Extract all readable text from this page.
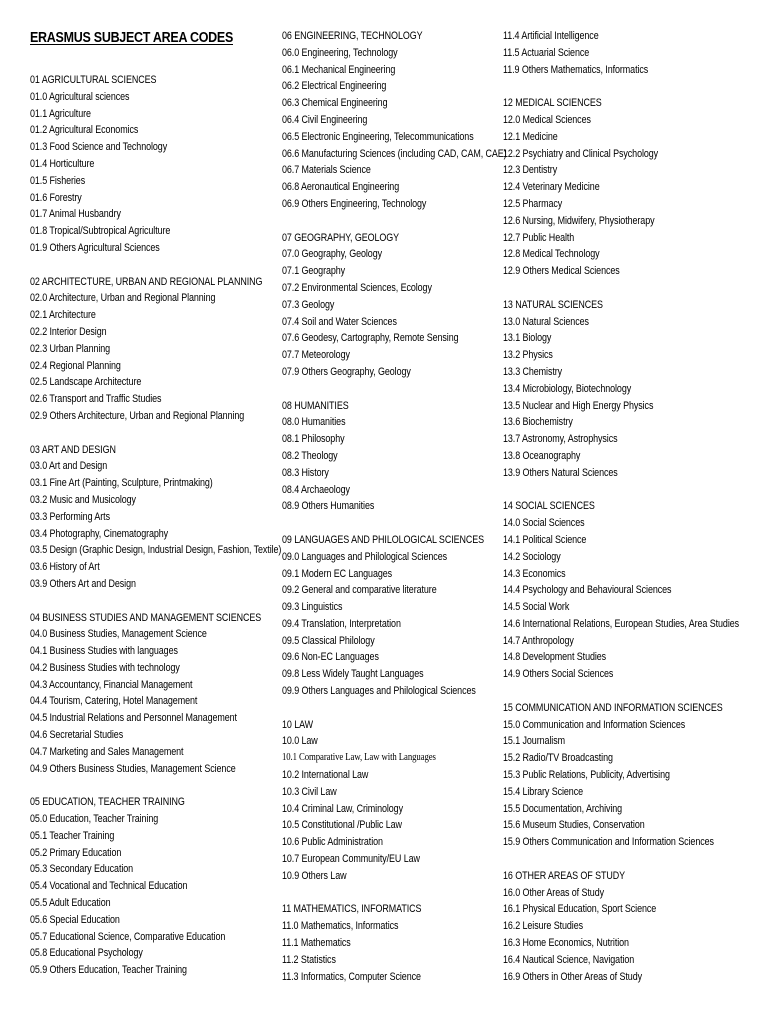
ERASMUS SUBJECT AREA CODES
01 AGRICULTURAL SCIENCES
01.0 Agricultural sciences
01.1 Agriculture
01.2 Agricultural Economics
01.3 Food Science and Technology
01.4 Horticulture
01.5 Fisheries
01.6 Forestry
01.7 Animal Husbandry
01.8 Tropical/Subtropical Agriculture
01.9 Others Agricultural Sciences
02 ARCHITECTURE, URBAN AND REGIONAL PLANNING
02.0 Architecture, Urban and Regional Planning
02.1 Architecture
02.2 Interior Design
02.3 Urban Planning
02.4 Regional Planning
02.5 Landscape Architecture
02.6 Transport and Traffic Studies
02.9 Others Architecture, Urban and Regional Planning
03 ART AND DESIGN
03.0 Art and Design
03.1 Fine Art (Painting, Sculpture, Printmaking)
03.2 Music and Musicology
03.3 Performing Arts
03.4 Photography, Cinematography
03.5 Design (Graphic Design, Industrial Design, Fashion, Textile)
03.6 History of Art
03.9 Others Art and Design
04 BUSINESS STUDIES AND MANAGEMENT SCIENCES
04.0 Business Studies, Management Science
04.1 Business Studies with languages
04.2 Business Studies with technology
04.3 Accountancy, Financial Management
04.4 Tourism, Catering, Hotel Management
04.5 Industrial Relations and Personnel Management
04.6 Secretarial Studies
04.7 Marketing and Sales Management
04.9 Others Business Studies, Management Science
05 EDUCATION, TEACHER TRAINING
05.0 Education, Teacher Training
05.1 Teacher Training
05.2 Primary Education
05.3 Secondary Education
05.4 Vocational and Technical Education
05.5 Adult Education
05.6 Special Education
05.7 Educational Science, Comparative Education
05.8 Educational Psychology
05.9 Others Education, Teacher Training
06 ENGINEERING, TECHNOLOGY
06.0 Engineering, Technology
06.1 Mechanical Engineering
06.2 Electrical Engineering
06.3 Chemical Engineering
06.4 Civil Engineering
06.5 Electronic Engineering, Telecommunications
06.6 Manufacturing Sciences (including CAD, CAM, CAE)
06.7 Materials Science
06.8 Aeronautical Engineering
06.9 Others Engineering, Technology
07 GEOGRAPHY, GEOLOGY
07.0 Geography, Geology
07.1 Geography
07.2 Environmental Sciences, Ecology
07.3 Geology
07.4 Soil and Water Sciences
07.6 Geodesy, Cartography, Remote Sensing
07.7 Meteorology
07.9 Others Geography, Geology
08 HUMANITIES
08.0 Humanities
08.1 Philosophy
08.2 Theology
08.3 History
08.4 Archaeology
08.9 Others Humanities
09 LANGUAGES AND PHILOLOGICAL SCIENCES
09.0 Languages and Philological Sciences
09.1 Modern EC Languages
09.2 General and comparative literature
09.3 Linguistics
09.4 Translation, Interpretation
09.5 Classical Philology
09.6 Non-EC Languages
09.8 Less Widely Taught Languages
09.9 Others Languages and Philological Sciences
10 LAW
10.0 Law
10.1 Comparative Law, Law with Languages
10.2 International Law
10.3 Civil Law
10.4 Criminal Law, Criminology
10.5 Constitutional /Public Law
10.6 Public Administration
10.7 European Community/EU Law
10.9 Others Law
11 MATHEMATICS, INFORMATICS
11.0 Mathematics, Informatics
11.1 Mathematics
11.2 Statistics
11.3 Informatics, Computer Science
11.4 Artificial Intelligence
11.5 Actuarial Science
11.9 Others Mathematics, Informatics
12 MEDICAL SCIENCES
12.0 Medical Sciences
12.1 Medicine
12.2 Psychiatry and Clinical Psychology
12.3 Dentistry
12.4 Veterinary Medicine
12.5 Pharmacy
12.6 Nursing, Midwifery, Physiotherapy
12.7 Public Health
12.8 Medical Technology
12.9 Others Medical Sciences
13 NATURAL SCIENCES
13.0 Natural Sciences
13.1 Biology
13.2 Physics
13.3 Chemistry
13.4 Microbiology, Biotechnology
13.5 Nuclear and High Energy Physics
13.6 Biochemistry
13.7 Astronomy, Astrophysics
13.8 Oceanography
13.9 Others Natural Sciences
14 SOCIAL SCIENCES
14.0 Social Sciences
14.1 Political Science
14.2 Sociology
14.3 Economics
14.4 Psychology and Behavioural Sciences
14.5 Social Work
14.6 International Relations, European Studies, Area Studies
14.7 Anthropology
14.8 Development Studies
14.9 Others Social Sciences
15 COMMUNICATION AND INFORMATION SCIENCES
15.0 Communication and Information Sciences
15.1 Journalism
15.2 Radio/TV Broadcasting
15.3 Public Relations, Publicity, Advertising
15.4 Library Science
15.5 Documentation, Archiving
15.6 Museum Studies, Conservation
15.9 Others Communication and Information Sciences
16 OTHER AREAS OF STUDY
16.0 Other Areas of Study
16.1 Physical Education, Sport Science
16.2 Leisure Studies
16.3 Home Economics, Nutrition
16.4 Nautical Science, Navigation
16.9 Others in Other Areas of Study
